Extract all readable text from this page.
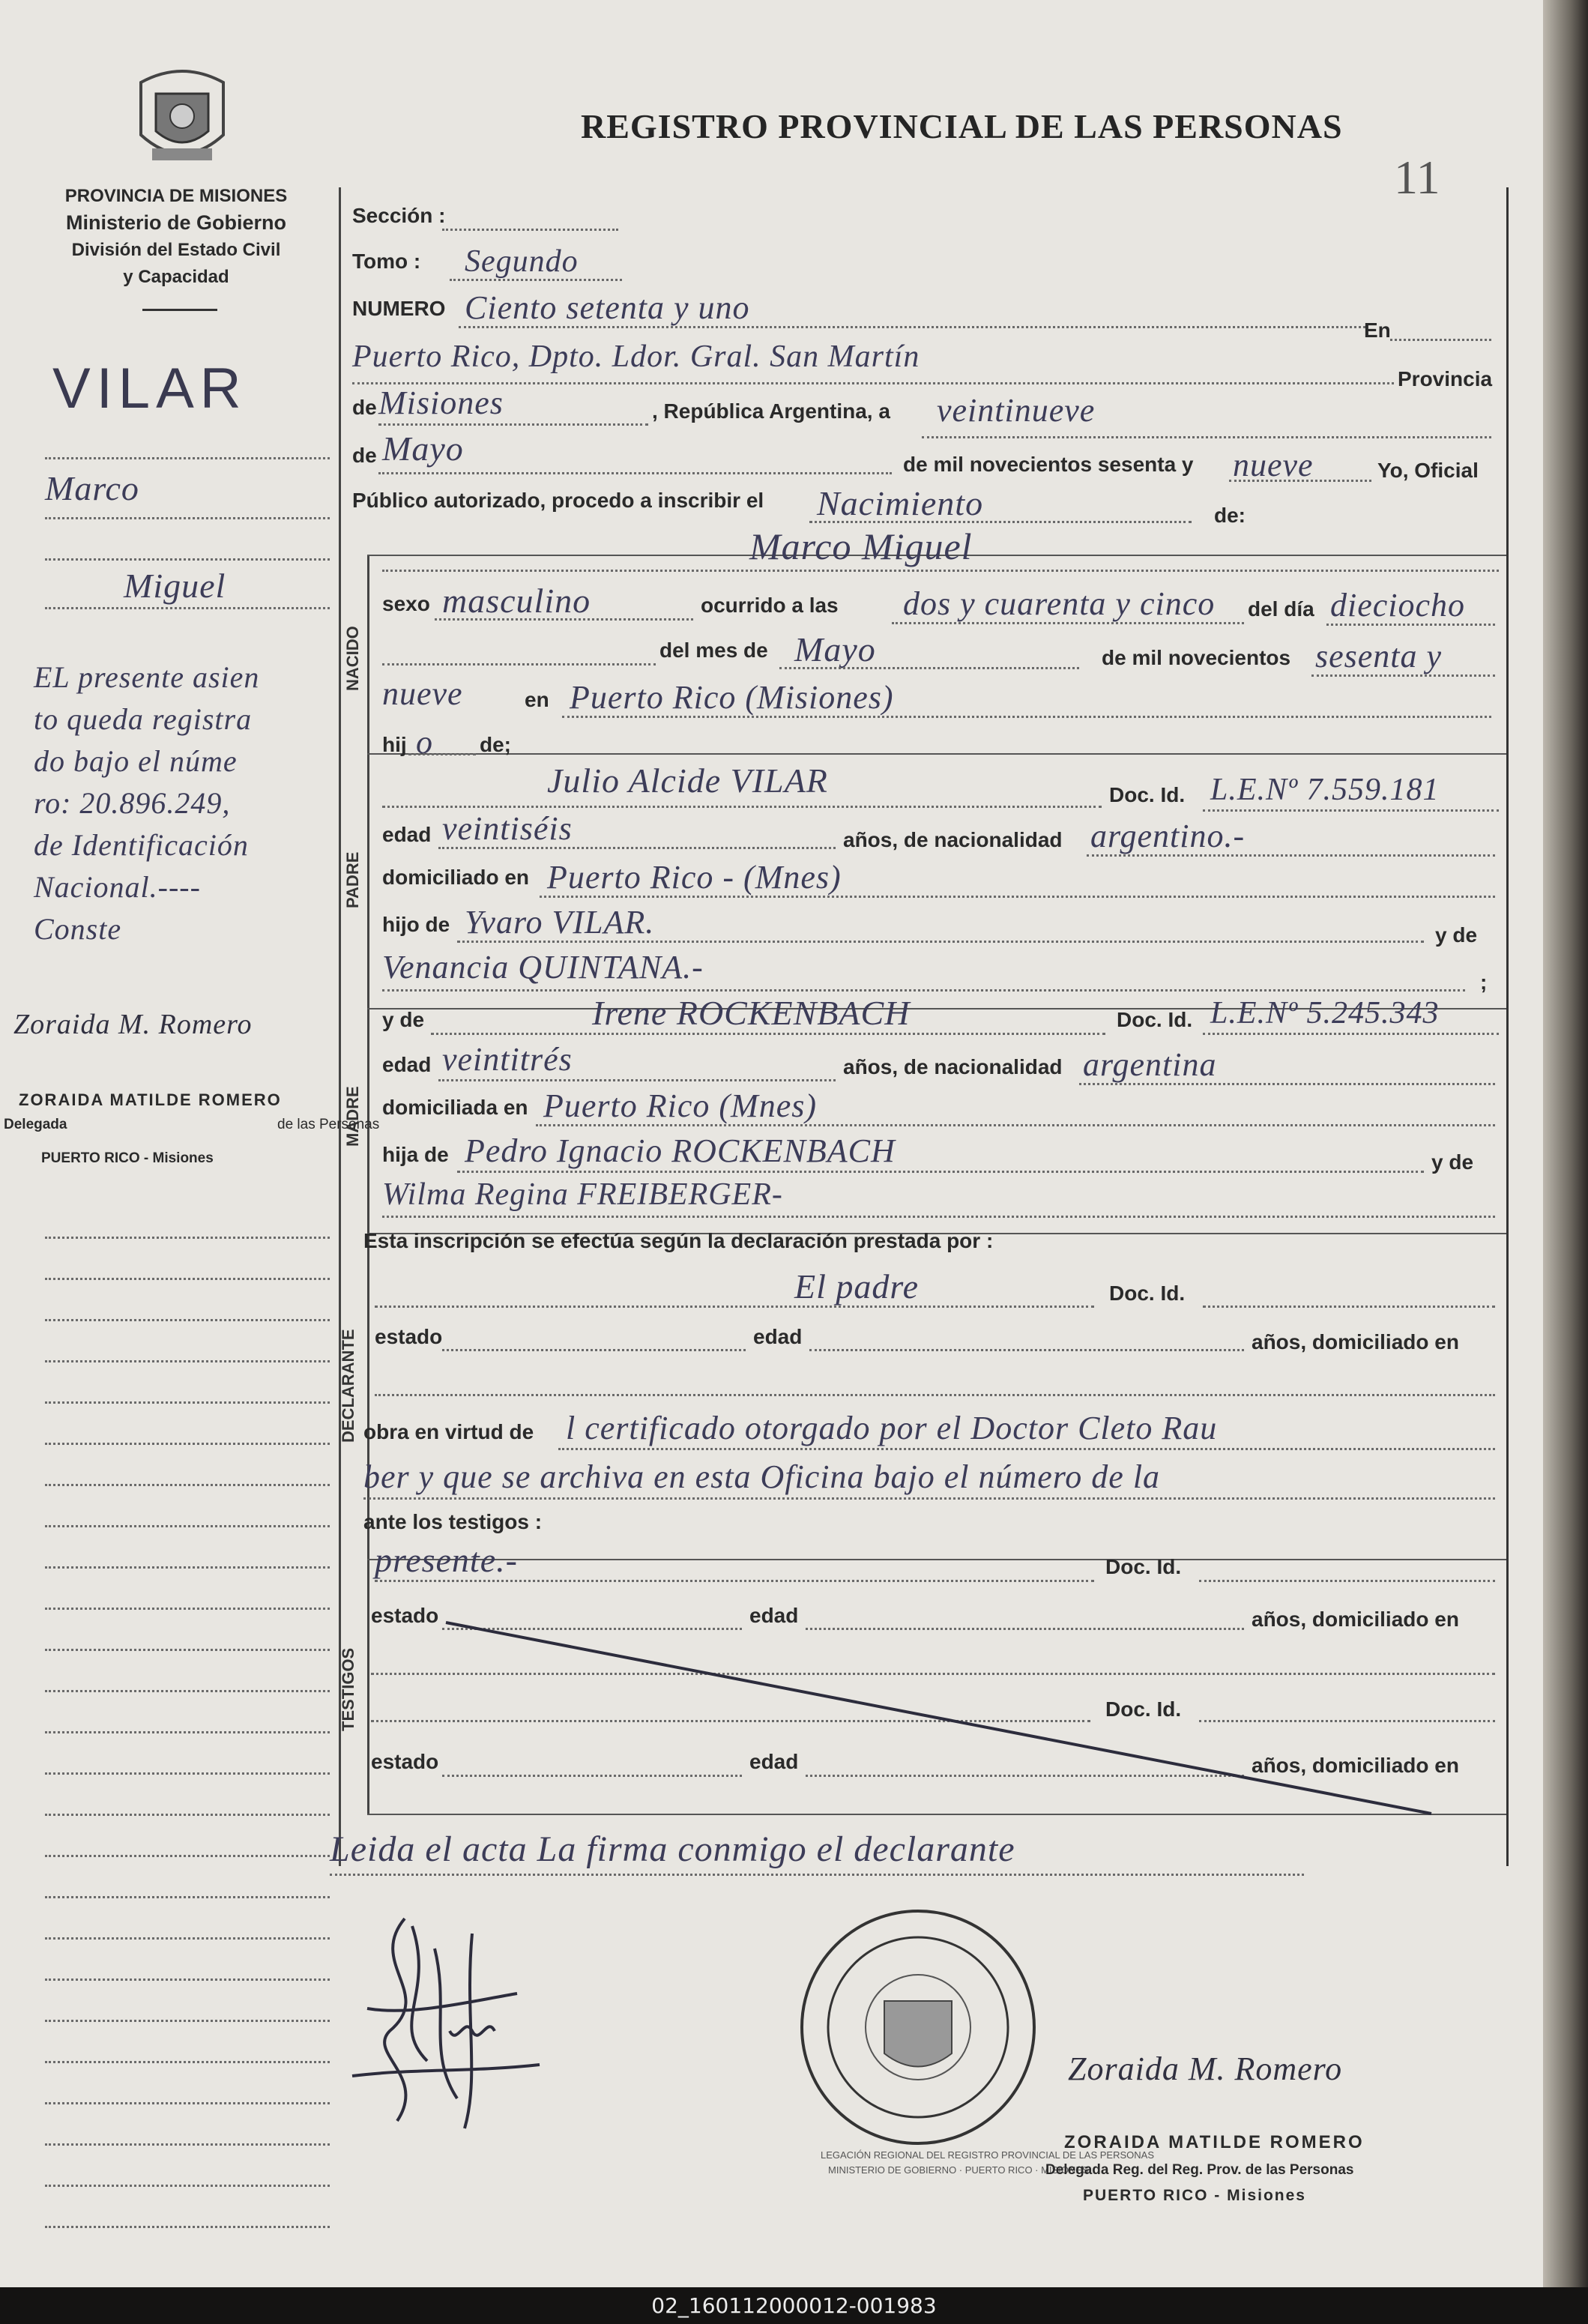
PROVINCIA DE MISIONES
Ministerio de Gobierno
División del Estado Civil
y Capacidad
REGISTRO PROVINCIAL DE LAS PERSONAS
11
NACIDO
PADRE
MADRE
DECLARANTE
TESTIGOS
VILAR
Marco
Miguel
EL presente asien
to queda registra
do bajo el núme
ro: 20.896.249,
de Identificación
Nacional.----
Conste
Zoraida M. Romero
ZORAIDA MATILDE ROMERO
Delegada	de las Personas
PUERTO RICO - Misiones
Sección :
Tomo : Segundo
NUMERO Ciento setenta y uno
En
Puerto Rico, Dpto. Ldor. Gral. San Martín
Provincia
de Misiones	, República Argentina, a veintinueve
de Mayo	de mil novecientos sesenta y nueve	Yo, Oficial
Público autorizado, procedo a inscribir el Nacimiento	de:
Marco Miguel
sexo masculino	ocurrido a las dos y cuarenta y cinco del día dieciocho
del mes de Mayo	de mil novecientos sesenta y
nueve	en Puerto Rico (Misiones)
hij o de;
Julio Alcide VILAR	Doc. Id. L.E.Nº 7.559.181
edad veintiséis	años, de nacionalidad argentino.-
domiciliado en Puerto Rico - (Mnes)
hijo de Yvaro VILAR.	y de
Venancia QUINTANA.-	;
y de	Irene ROCKENBACH	Doc. Id. L.E.Nº 5.245.343
edad veintitrés	años, de nacionalidad argentina
domiciliada en Puerto Rico (Mnes)
hija de Pedro Ignacio ROCKENBACH	y de
Wilma Regina FREIBERGER-
Esta inscripción se efectúa según la declaración prestada por :
El padre	Doc. Id.
estado	edad	años, domiciliado en
obra en virtud de l certificado otorgado por el Doctor Cleto Rau
ber y que se archiva en esta Oficina bajo el número de la
ante los testigos :
presente.-	Doc. Id.
estado	edad	años, domiciliado en
Doc. Id.
estado	edad	años, domiciliado en
Leida el acta La firma conmigo el declarante
LEGACIÓN REGIONAL DEL REGISTRO PROVINCIAL DE LAS PERSONAS
MINISTERIO DE GOBIERNO · PUERTO RICO · MISIONES
Zoraida M. Romero
ZORAIDA MATILDE ROMERO
Delegada Reg. del Reg. Prov. de las Personas
PUERTO RICO - Misiones
02_160112000012-001983
